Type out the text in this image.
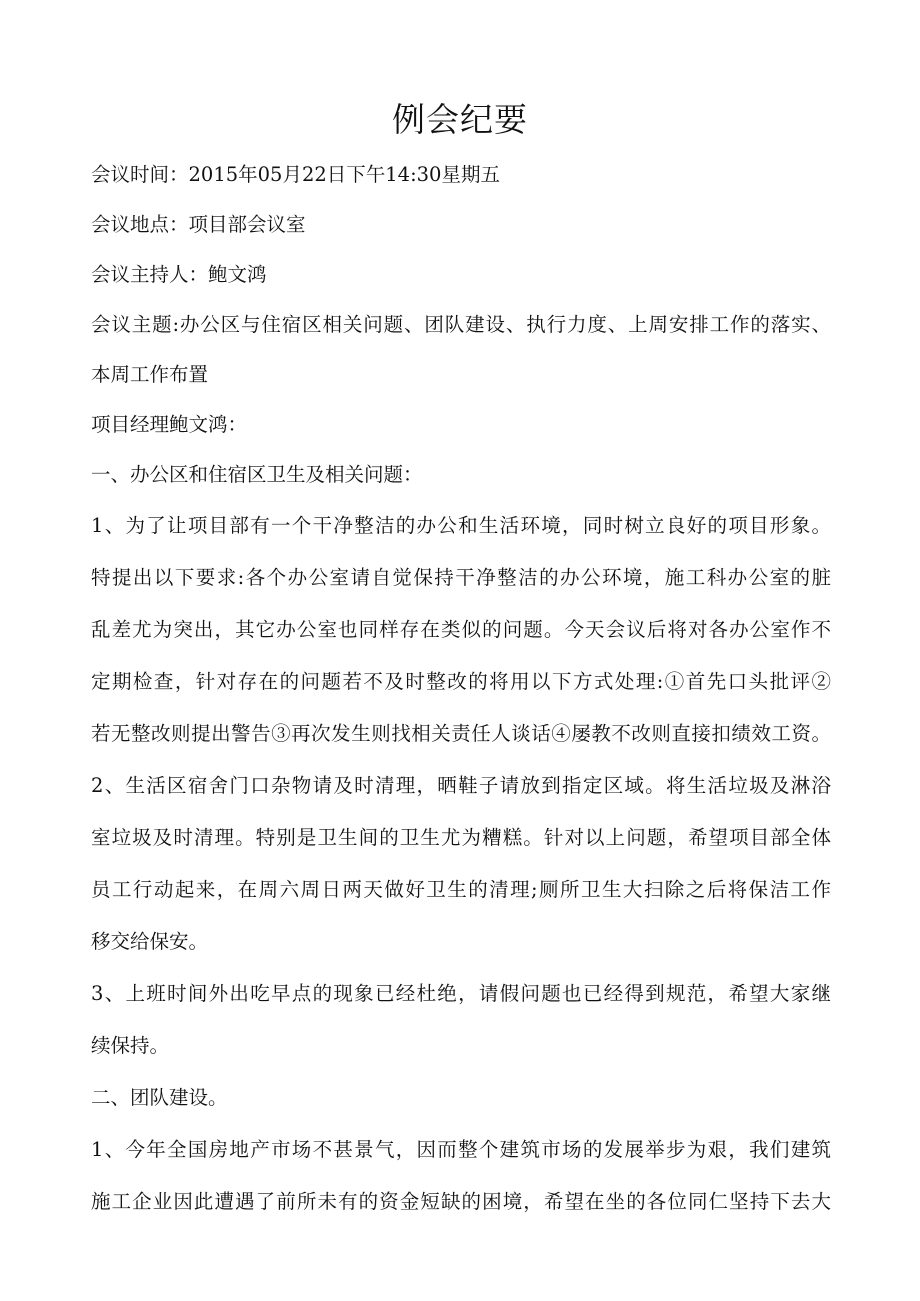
例会纪要
会议时间：2015年05月22日下午14:30星期五
会议地点：项目部会议室
会议主持人：鲍文鸿
会议主题:办公区与住宿区相关问题、团队建设、执行力度、上周安排工作的落实、
本周工作布置
项目经理鲍文鸿：
一、办公区和住宿区卫生及相关问题：
1、为了让项目部有一个干净整洁的办公和生活环境，同时树立良好的项目形象。
特提出以下要求:各个办公室请自觉保持干净整洁的办公环境，施工科办公室的脏
乱差尤为突出，其它办公室也同样存在类似的问题。今天会议后将对各办公室作不
定期检查，针对存在的问题若不及时整改的将用以下方式处理:①首先口头批评②
若无整改则提出警告③再次发生则找相关责任人谈话④屡教不改则直接扣绩效工资。
2、生活区宿舍门口杂物请及时清理，晒鞋子请放到指定区域。将生活垃圾及淋浴
室垃圾及时清理。特别是卫生间的卫生尤为糟糕。针对以上问题，希望项目部全体
员工行动起来，在周六周日两天做好卫生的清理;厕所卫生大扫除之后将保洁工作
移交给保安。
3、上班时间外出吃早点的现象已经杜绝，请假问题也已经得到规范，希望大家继
续保持。
二、团队建设。
1、今年全国房地产市场不甚景气，因而整个建筑市场的发展举步为艰，我们建筑
施工企业因此遭遇了前所未有的资金短缺的困境，希望在坐的各位同仁坚持下去大
